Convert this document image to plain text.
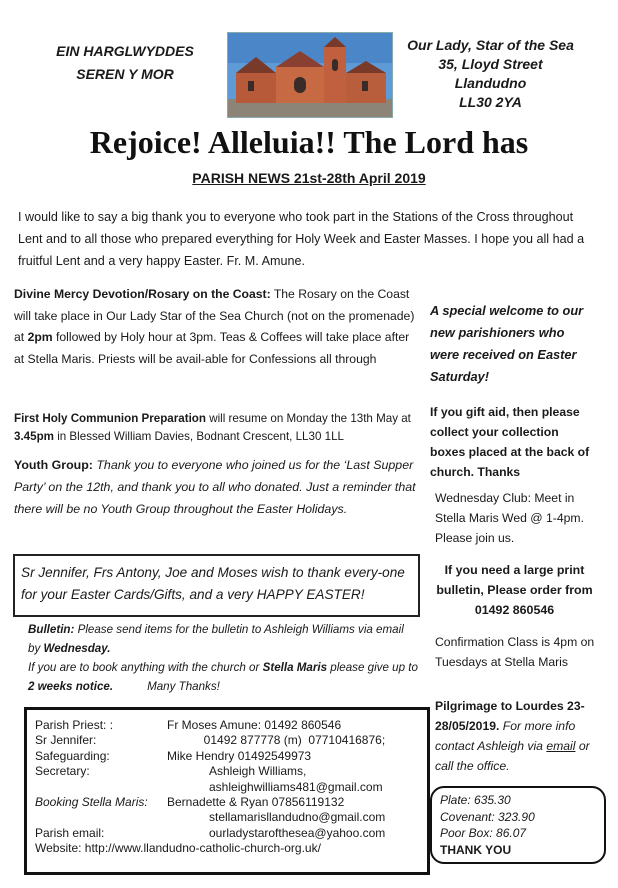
EIN HARGLWYDDES
SEREN Y MOR
Our Lady, Star of the Sea
35, Lloyd Street
Llandudno
LL30 2YA
Rejoice! Alleluia!! The Lord has
PARISH NEWS 21st-28th April 2019
I would like to say a big thank you to everyone who took part in the Stations of the Cross throughout Lent and to all those who prepared everything for Holy Week and Easter Masses. I hope you all had a fruitful Lent and a very happy Easter. Fr. M. Amune.
Divine Mercy Devotion/Rosary on the Coast: The Rosary on the Coast will take place in Our Lady Star of the Sea Church (not on the promenade) at 2pm followed by Holy hour at 3pm. Teas & Coffees will take place after at Stella Maris. Priests will be avail-able for Confessions all through
First Holy Communion Preparation will resume on Monday the 13th May at 3.45pm in Blessed William Davies, Bodnant Crescent, LL30 1LL
Youth Group: Thank you to everyone who joined us for the ‘Last Supper Party’ on the 12th, and thank you to all who donated. Just a reminder that there will be no Youth Group throughout the Easter Holidays.
Sr Jennifer, Frs Antony, Joe and Moses wish to thank every-one for your Easter Cards/Gifts, and a very HAPPY EASTER!
Bulletin: Please send items for the bulletin to Ashleigh Williams via email by Wednesday.
If you are to book anything with the church or Stella Maris please give up to 2 weeks notice.	Many Thanks!
Parish Priest: :	Fr Moses Amune: 01492 860546
Sr Jennifer:	01492 877778 (m)  07710416876;
Safeguarding:	Mike Hendry 01492549973
Secretary:	Ashleigh Williams,
ashleighwilliams481@gmail.com
Booking Stella Maris:	Bernadette & Ryan 07856119132
stellamarisllandudno@gmail.com
Parish email:	ourladystarofthesea@yahoo.com
Website: http://www.llandudno-catholic-church-org.uk/
A special welcome to our new parishioners who were received on Easter Saturday!
If you gift aid, then please collect your collection boxes placed at the back of church. Thanks
Wednesday Club: Meet in Stella Maris Wed @ 1-4pm. Please join us.
If you need a large print bulletin, Please order from 01492 860546
Confirmation Class is 4pm on Tuesdays at Stella Maris
Pilgrimage to Lourdes 23-28/05/2019. For more info contact Ashleigh via email or call the office.
Plate: 635.30
Covenant: 323.90
Poor Box: 86.07
THANK YOU
